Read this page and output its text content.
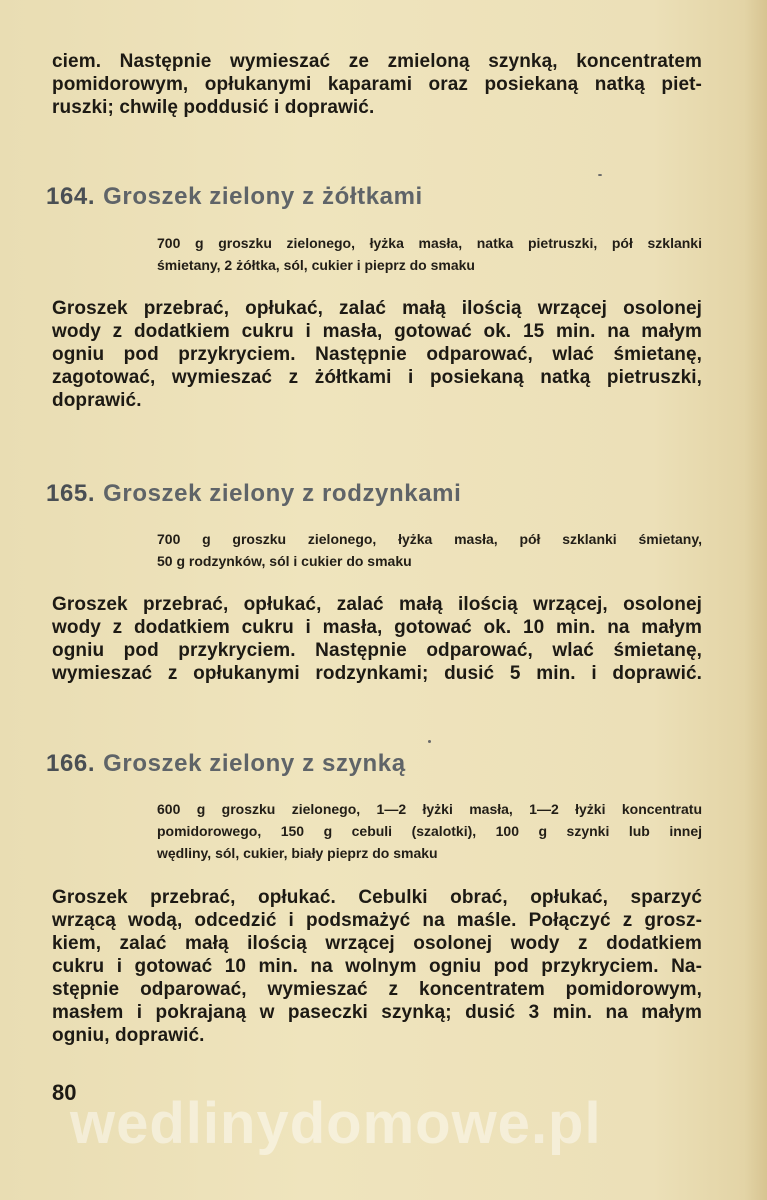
ciem. Następnie wymieszać ze zmieloną szynką, koncentratem
pomidorowym, opłukanymi kaparami oraz posiekaną natką piet-
ruszki; chwilę poddusić i doprawić.
164. Groszek zielony z żółtkami
700 g groszku zielonego, łyżka masła, natka pietruszki, pół szklanki
śmietany, 2 żółtka, sól, cukier i pieprz do smaku
Groszek przebrać, opłukać, zalać małą ilością wrzącej osolonej
wody z dodatkiem cukru i masła, gotować ok. 15 min. na małym
ogniu pod przykryciem. Następnie odparować, wlać śmietanę,
zagotować, wymieszać z żółtkami i posiekaną natką pietruszki,
doprawić.
165. Groszek zielony z rodzynkami
700 g groszku zielonego, łyżka masła, pół szklanki śmietany,
50 g rodzynków, sól i cukier do smaku
Groszek przebrać, opłukać, zalać małą ilością wrzącej, osolonej
wody z dodatkiem cukru i masła, gotować ok. 10 min. na małym
ogniu pod przykryciem. Następnie odparować, wlać śmietanę,
wymieszać z opłukanymi rodzynkami; dusić 5 min. i doprawić.
166. Groszek zielony z szynką
600 g groszku zielonego, 1—2 łyżki masła, 1—2 łyżki koncentratu
pomidorowego, 150 g cebuli (szalotki), 100 g szynki lub innej
wędliny, sól, cukier, biały pieprz do smaku
Groszek przebrać, opłukać. Cebulki obrać, opłukać, sparzyć
wrzącą wodą, odcedzić i podsmażyć na maśle. Połączyć z grosz-
kiem, zalać małą ilością wrzącej osolonej wody z dodatkiem
cukru i gotować 10 min. na wolnym ogniu pod przykryciem. Na-
stępnie odparować, wymieszać z koncentratem pomidorowym,
masłem i pokrajaną w paseczki szynką; dusić 3 min. na małym
ogniu, doprawić.

80

wedlinydomowe.pl
